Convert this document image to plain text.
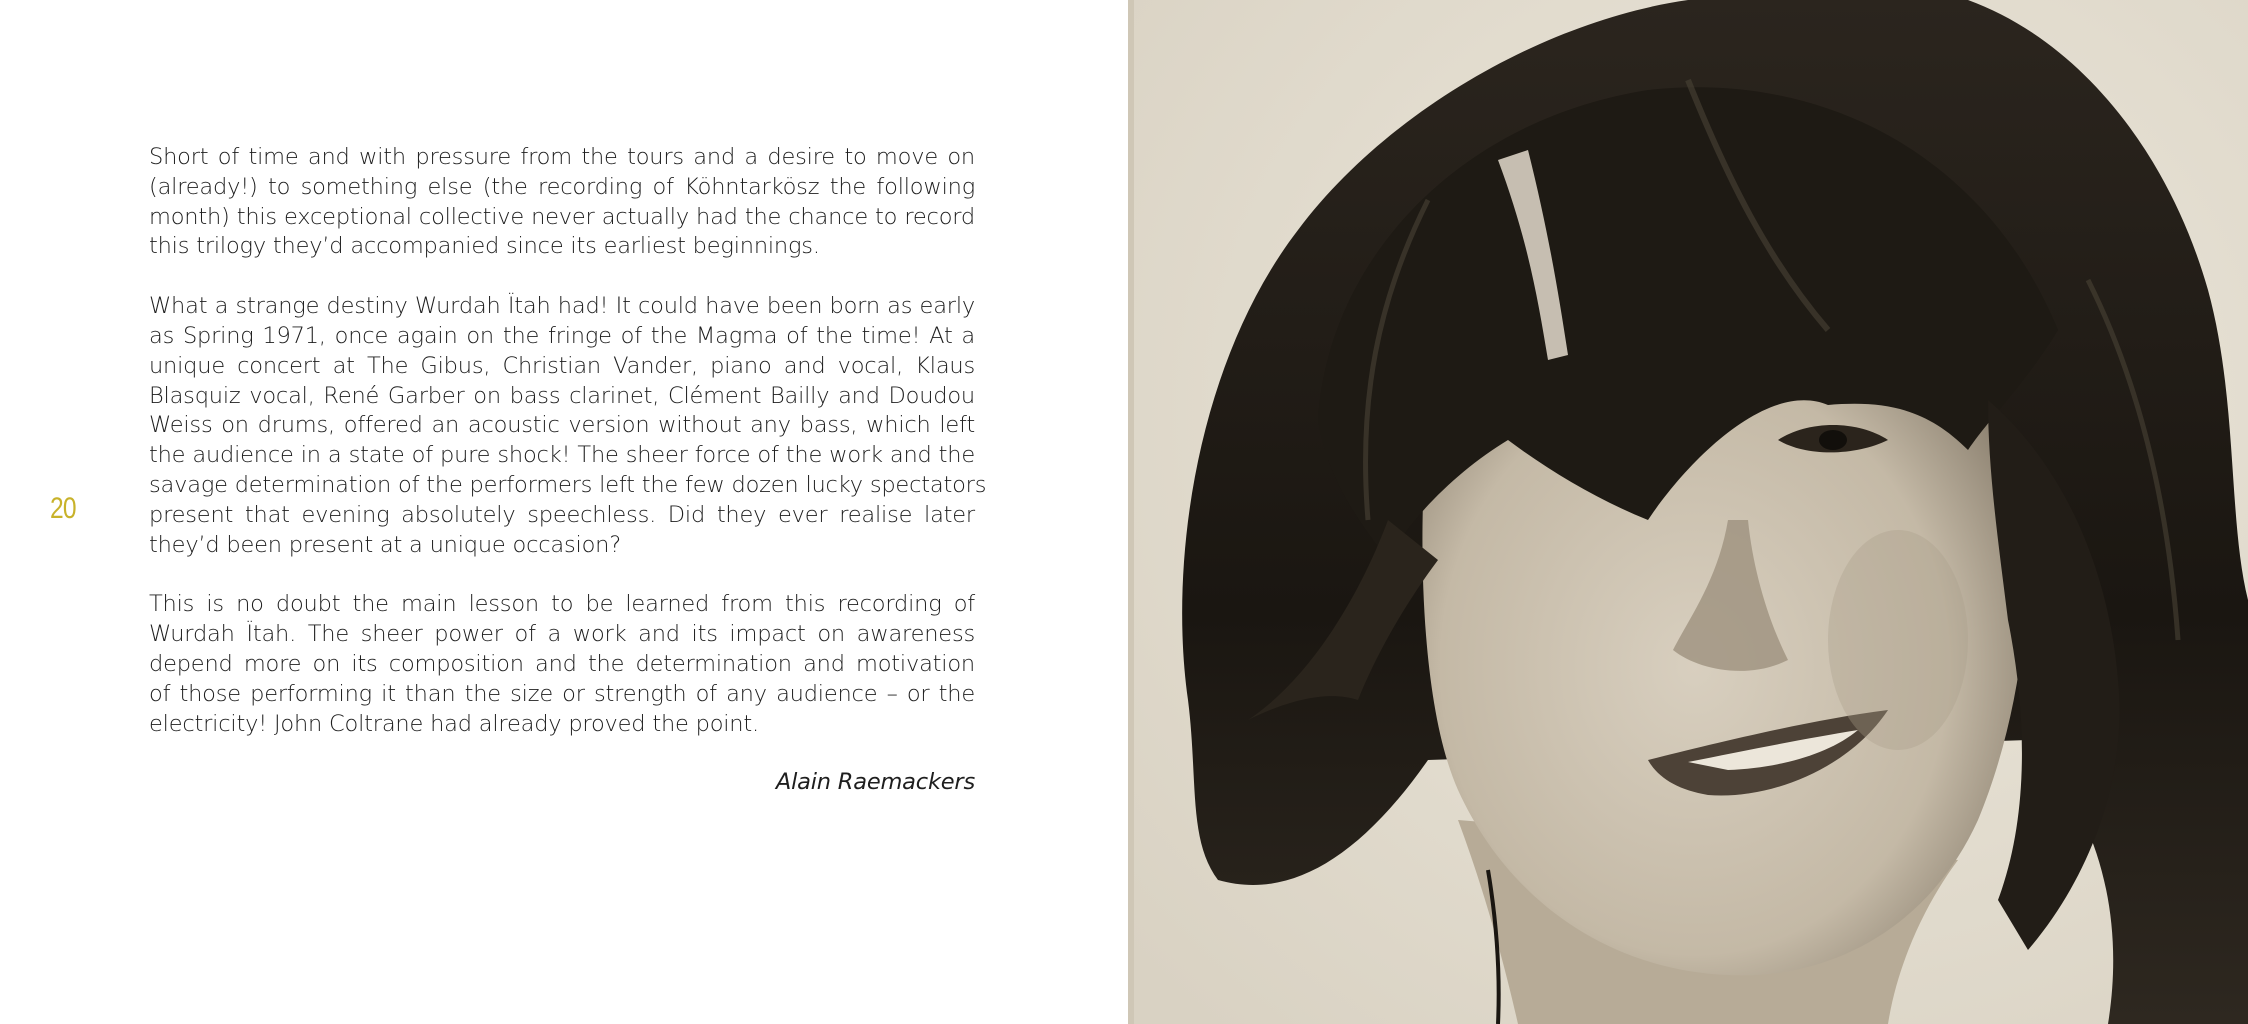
20

Short of time and with pressure from the tours and a desire to move on
(already!) to something else (the recording of Köhntarkösz the following
month) this exceptional collective never actually had the chance to record
this trilogy they’d accompanied since its earliest beginnings.

What a strange destiny Wurdah Ïtah had! It could have been born as early
as Spring 1971, once again on the fringe of the Magma of the time! At a
unique concert at The Gibus, Christian Vander, piano and vocal, Klaus
Blasquiz vocal, René Garber on bass clarinet, Clément Bailly and Doudou
Weiss on drums, offered an acoustic version without any bass, which left
the audience in a state of pure shock! The sheer force of the work and the
savage determination of the performers left the few dozen lucky spectators
present that evening absolutely speechless. Did they ever realise later
they’d been present at a unique occasion?

This is no doubt the main lesson to be learned from this recording of
Wurdah Ïtah. The sheer power of a work and its impact on awareness
depend more on its composition and the determination and motivation
of those performing it than the size or strength of any audience – or the
electricity! John Coltrane had already proved the point.

Alain Raemackers
